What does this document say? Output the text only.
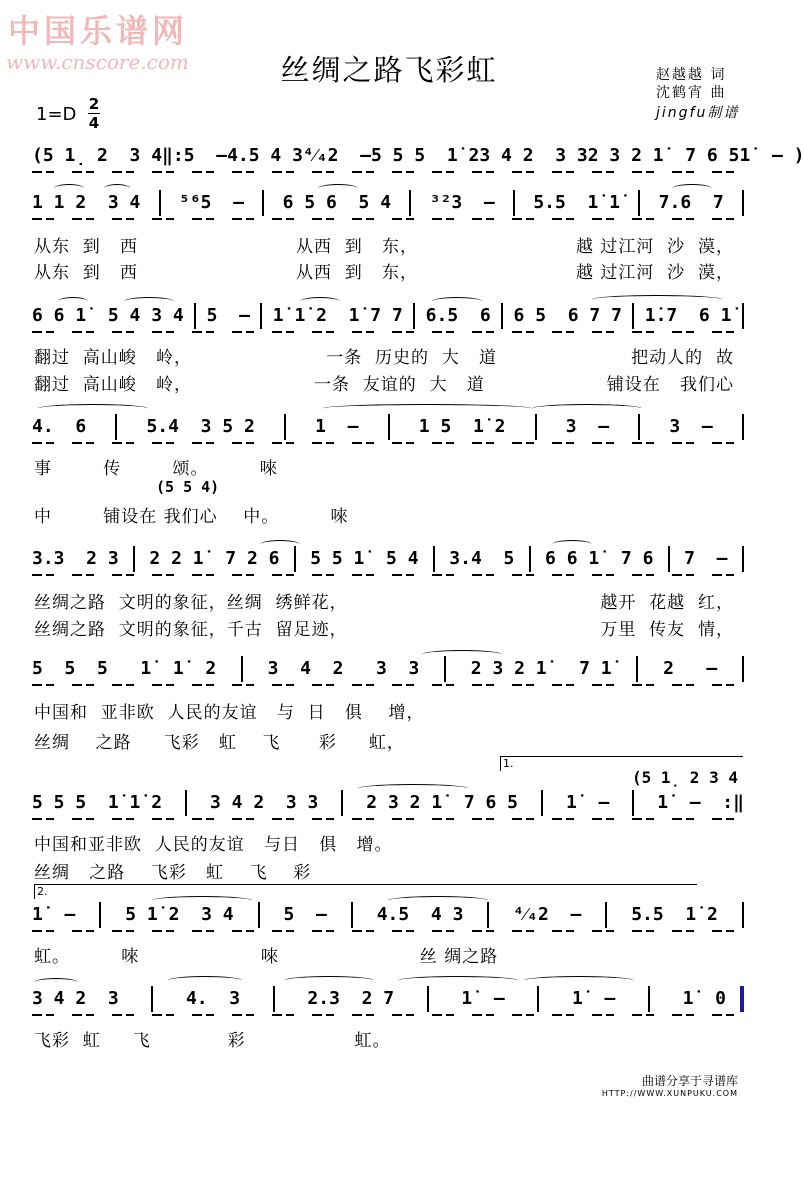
中国乐谱网
www.cnscore.com	丝绸之路飞彩虹	赵越越 词
沈鹤宵 曲
jingfu制谱
1=D 2
4

(5 1̣ 2  3 4 ‖:5  – 4.5 4 3 ⁴⁄₄2  – 5 5 5  1̇ 2 3 4 2  3 3 2 3 2 1̇  7 6 5 1̇  – )

1 1 2  3 4 ⁵⁶5  – 6 5 6  5 4 ³²3  – 5.5  1̇ 1̇ 7.6  7

从东  到   西	从西  到   东，	越 过江河  沙  漠，
从东  到   西	从西  到   东，	越 过江河  沙  漠，

6 6 1̇  5 4 3 4 5  – 1̇ 1̇ 2  1̇ 7 7 6.5  6 6 5  6 7 7 1̇.7  6 1̇

翻过  高山峻   岭，	一条  历史的  大   道	把动人的  故
翻过  高山峻   岭，	一条  友谊的  大   道	铺设在   我们心

4.  6	5.4  3 5 2	1  –	1 5  1̇ 2	3  –	3  –

事        传        颂。        唻
(5 5 4)
中        铺设在 我们心    中。        唻

3.3  2 3 2 2 1̇  7 2 6 5 5 1̇  5 4 3.4  5 6 6 1̇  7 6 7  –

丝绸之路  文明的象征，丝绸  绣鲜花，	越开  花越  红，
丝绸之路  文明的象征，千古  留足迹，	万里  传友  情，

5  5  5   1̇  1̇  2	3  4  2   3  3	2 3 2 1̇   7 1̇	2   –

中国和  亚非欧  人民的友谊   与  日   俱    增，
丝绸    之路     飞彩   虹    飞      彩     虹，
1.
(5 1̣ 2 3 4

5 5 5  1̇ 1̇ 2	3 4 2  3 3	2 3 2 1̇  7 6 5	1̇  –	1̇  –  :‖

中国和亚非欧  人民的友谊   与日   俱   增。
丝绸   之路    飞彩   虹    飞    彩
2.

1̇  –	5 1̇ 2  3 4	5  –	4.5  4 3	⁴⁄₄2  –	5.5  1̇ 2

虹。        唻                   唻                      丝 绸之路

3 4 2  3	4.  3	2.3  2 7	1̇  –	1̇  –	1̇  0

飞彩  虹     飞            彩                 虹。
曲谱分享于寻谱库
HTTP://WWW.XUNPUKU.COM
